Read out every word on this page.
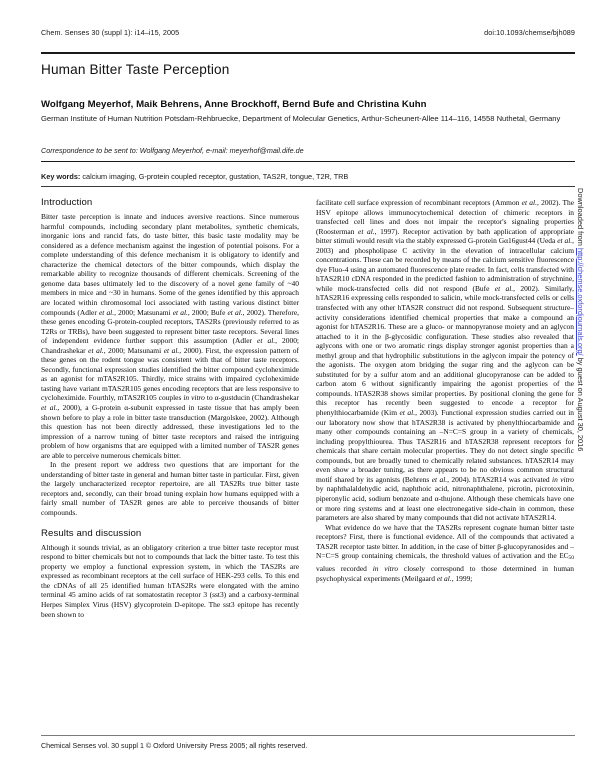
Chem. Senses 30 (suppl 1): i14–i15, 2005	doi:10.1093/chemse/bjh089
Human Bitter Taste Perception
Wolfgang Meyerhof, Maik Behrens, Anne Brockhoff, Bernd Bufe and Christina Kuhn
German Institute of Human Nutrition Potsdam-Rehbruecke, Department of Molecular Genetics, Arthur-Scheunert-Allee 114–116, 14558 Nuthetal, Germany
Correspondence to be sent to: Wolfgang Meyerhof, e-mail: meyerhof@mail.dife.de
Key words: calcium imaging, G-protein coupled receptor, gustation, TAS2R, tongue, T2R, TRB
Introduction

Bitter taste perception is innate and induces aversive reactions. Since numerous harmful compounds, including secondary plant metabolites, synthetic chemicals, inorganic ions and rancid fats, do taste bitter, this basic taste modality may be considered as a defence mechanism against the ingestion of potential poisons. For a complete understanding of this defence mechanism it is obligatory to identify and characterize the chemical detectors of the bitter compounds, which display the remarkable ability to recognize thousands of different chemicals. Screening of the genome data bases ultimately led to the discovery of a novel gene family of ~40 members in mice and ~30 in humans. Some of the genes identified by this approach are located within chromosomal loci associated with tasting various distinct bitter compounds (Adler et al., 2000; Matsunami et al., 2000; Bufe et al., 2002). Therefore, these genes encoding G-protein-coupled receptors, TAS2Rs (previously referred to as T2Rs or TRBs), have been suggested to represent bitter taste receptors. Several lines of independent evidence further support this assumption (Adler et al., 2000; Chandrashekar et al., 2000; Matsunami et al., 2000). First, the expression pattern of these genes on the rodent tongue was consistent with that of bitter taste receptors. Secondly, functional expression studies identified the bitter compound cycloheximide as an agonist for mTAS2R105. Thirdly, mice strains with impaired cycloheximide tasting have variant mTAS2R105 genes encoding receptors that are less responsive to cycloheximide. Fourthly, mTAS2R105 couples in vitro to α-gustducin (Chandrashekar et al., 2000), a G-protein α-subunit expressed in taste tissue that has amply been shown before to play a role in bitter taste transduction (Margolskee, 2002). Although this question has not been directly addressed, these investigations led to the impression of a narrow tuning of bitter taste receptors and raised the intriguing problem of how organisms that are equipped with a limited number of TAS2R genes are able to perceive numerous chemicals bitter.

In the present report we address two questions that are important for the understanding of bitter taste in general and human bitter taste in particular. First, given the largely uncharacterized receptor repertoire, are all TAS2Rs true bitter taste receptors and, secondly, can their broad tuning explain how humans equipped with a fairly small number of TAS2R genes are able to perceive thousands of bitter compounds.

Results and discussion

Although it sounds trivial, as an obligatory criterion a true bitter taste receptor must respond to bitter chemicals but not to compounds that lack the bitter taste. To test this property we employ a functional expression system, in which the TAS2Rs are expressed as recombinant receptors at the cell surface of HEK-293 cells. To this end the cDNAs of all 25 identified human hTAS2Rs were elongated with the amino terminal 45 amino acids of rat somatostatin receptor 3 (sst3) and a carboxy-terminal Herpes Simplex Virus (HSV) glycoprotein D-epitope. The sst3 epitope has recently been shown to

facilitate cell surface expression of recombinant receptors (Ammon et al., 2002). The HSV epitope allows immunocytochemical detection of chimeric receptors in transfected cell lines and does not impair the receptor's signaling properties (Roosterman et al., 1997). Receptor activation by bath application of appropriate bitter stimuli would result via the stably expressed G-protein Gα16gust44 (Ueda et al., 2003) and phospholipase C activity in the elevation of intracellular calcium concentrations. These can be recorded by means of the calcium sensitive fluorescence dye Fluo-4 using an automated fluorescence plate reader. In fact, cells transfected with hTAS2R10 cDNA responded in the predicted fashion to administration of strychnine, while mock-transfected cells did not respond (Bufe et al., 2002). Similarly, hTAS2R16 expressing cells responded to salicin, while mock-transfected cells or cells transfected with any other hTAS2R construct did not respond. Subsequent structure–activity considerations identified chemical properties that make a compound an agonist for hTAS2R16. These are a gluco- or mannopyranose moiety and an aglycon attached to it in the β-glycosidic configuration. These studies also revealed that aglycons with one or two aromatic rings display stronger agonist properties than a methyl group and that hydrophilic substitutions in the aglycon impair the potency of the agonists. The oxygen atom bridging the sugar ring and the aglycon can be substituted for by a sulfur atom and an additional glucopyranose can be added to carbon atom 6 without significantly impairing the agonist properties of the compounds. hTAS2R38 shows similar properties. By positional cloning the gene for this receptor has recently been suggested to encode a receptor for phenylthiocarbamide (Kim et al., 2003). Functional expression studies carried out in our laboratory now show that hTAS2R38 is activated by phenylthiocarbamide and many other compounds containing an –N=C=S group in a variety of chemicals, including propylthiourea. Thus TAS2R16 and hTAS2R38 represent receptors for chemicals that share certain molecular properties. They do not detect single specific compounds, but are broadly tuned to chemically related substances. hTAS2R14 may even show a broader tuning, as there appears to be no obvious common structural motif shared by its agonists (Behrens et al., 2004). hTAS2R14 was activated in vitro by naphthalaldehydic acid, naphthoic acid, nitronaphthalene, picrotin, picrotoxinin, piperonylic acid, sodium benzoate and α-thujone. Although these chemicals have one or more ring systems and at least one electronegative side-chain in common, these parameters are also shared by many compounds that did not activate hTAS2R14.

What evidence do we have that the TAS2Rs represent cognate human bitter taste receptors? First, there is functional evidence. All of the compounds that activated a TAS2R receptor taste bitter. In addition, in the case of bitter β-glucopyranosides and –N=C=S group containing chemicals, the threshold values of activation and the $EC_{50}$ values recorded in vitro closely correspond to those determined in human psychophysical experiments (Meilgaard et al., 1999;

Chemical Senses vol. 30 suppl 1 © Oxford University Press 2005; all rights reserved.
Downloaded from http://chemse.oxfordjournals.org/ by guest on August 30, 2016
